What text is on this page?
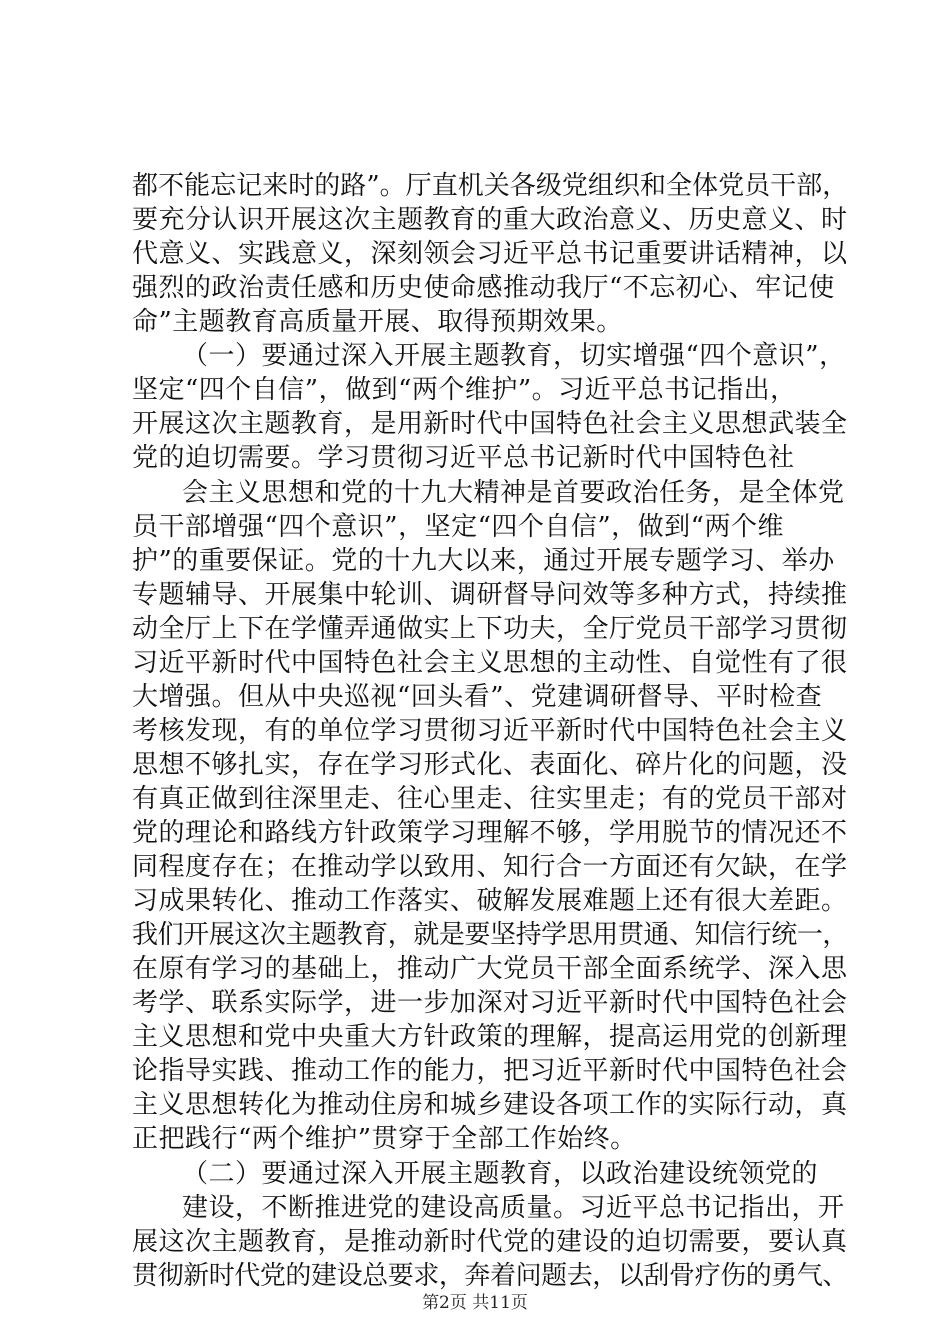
都不能忘记来时的路”。厅直机关各级党组织和全体党员干部，
要充分认识开展这次主题教育的重大政治意义、历史意义、时
代意义、实践意义，深刻领会习近平总书记重要讲话精神，以
强烈的政治责任感和历史使命感推动我厅“不忘初心、牢记使
命”主题教育高质量开展、取得预期效果。
（一）要通过深入开展主题教育，切实增强“四个意识”，
坚定“四个自信”，做到“两个维护”。习近平总书记指出，
开展这次主题教育，是用新时代中国特色社会主义思想武装全
党的迫切需要。学习贯彻习近平总书记新时代中国特色社
会主义思想和党的十九大精神是首要政治任务，是全体党
员干部增强“四个意识”，坚定“四个自信”，做到“两个维
护”的重要保证。党的十九大以来，通过开展专题学习、举办
专题辅导、开展集中轮训、调研督导问效等多种方式，持续推
动全厅上下在学懂弄通做实上下功夫，全厅党员干部学习贯彻
习近平新时代中国特色社会主义思想的主动性、自觉性有了很
大增强。但从中央巡视“回头看”、党建调研督导、平时检查
考核发现，有的单位学习贯彻习近平新时代中国特色社会主义
思想不够扎实，存在学习形式化、表面化、碎片化的问题，没
有真正做到往深里走、往心里走、往实里走；有的党员干部对
党的理论和路线方针政策学习理解不够，学用脱节的情况还不
同程度存在；在推动学以致用、知行合一方面还有欠缺，在学
习成果转化、推动工作落实、破解发展难题上还有很大差距。
我们开展这次主题教育，就是要坚持学思用贯通、知信行统一，
在原有学习的基础上，推动广大党员干部全面系统学、深入思
考学、联系实际学，进一步加深对习近平新时代中国特色社会
主义思想和党中央重大方针政策的理解，提高运用党的创新理
论指导实践、推动工作的能力，把习近平新时代中国特色社会
主义思想转化为推动住房和城乡建设各项工作的实际行动，真
正把践行“两个维护”贯穿于全部工作始终。
（二）要通过深入开展主题教育，以政治建设统领党的
建设，不断推进党的建设高质量。习近平总书记指出，开
展这次主题教育，是推动新时代党的建设的迫切需要，要认真
贯彻新时代党的建设总要求，奔着问题去，以刮骨疗伤的勇气、
第2页 共11页
